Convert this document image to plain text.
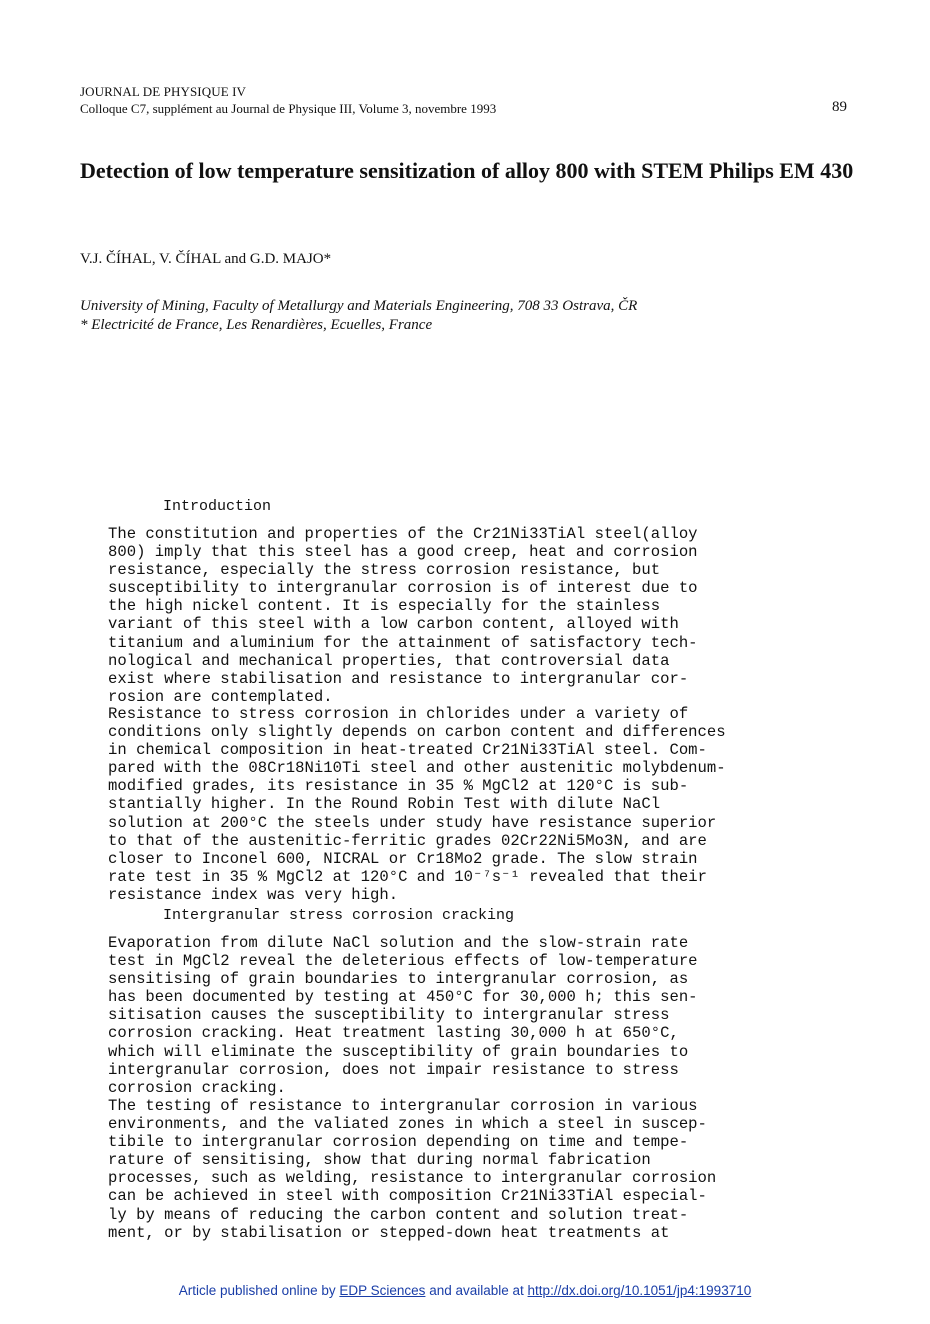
JOURNAL DE PHYSIQUE IV
Colloque C7, supplément au Journal de Physique III, Volume 3, novembre 1993	89
Detection of low temperature sensitization of alloy 800 with STEM Philips EM 430
V.J. ČÍHAL, V. ČÍHAL and G.D. MAJO*
University of Mining, Faculty of Metallurgy and Materials Engineering, 708 33 Ostrava, ČR
* Electricité de France, Les Renardières, Ecuelles, France
Introduction

The constitution and properties of the Cr21Ni33TiAl steel(alloy
800) imply that this steel has a good creep, heat and corrosion
resistance, especially the stress corrosion resistance, but
susceptibility to intergranular corrosion is of interest due to
the high nickel content. It is especially for the stainless
variant of this steel with a low carbon content, alloyed with
titanium and aluminium for the attainment of satisfactory tech-
nological and mechanical properties, that controversial data
exist where stabilisation and resistance to intergranular cor-
rosion are contemplated.

Resistance to stress corrosion in chlorides under a variety of
conditions only slightly depends on carbon content and differences
in chemical composition in heat-treated Cr21Ni33TiAl steel. Com-
pared with the 08Cr18Ni10Ti steel and other austenitic molybdenum-
modified grades, its resistance in 35 % MgCl2 at 120°C is sub-
stantially higher. In the Round Robin Test with dilute NaCl
solution at 200°C the steels under study have resistance superior
to that of the austenitic-ferritic grades 02Cr22Ni5Mo3N, and are
closer to Inconel 600, NICRAL or Cr18Mo2 grade. The slow strain
rate test in 35 % MgCl2 at 120°C and 10⁻⁷s⁻¹ revealed that their
resistance index was very high.

Intergranular stress corrosion cracking

Evaporation from dilute NaCl solution and the slow-strain rate
test in MgCl2 reveal the deleterious effects of low-temperature
sensitising of grain boundaries to intergranular corrosion, as
has been documented by testing at 450°C for 30,000 h; this sen-
sitisation causes the susceptibility to intergranular stress
corrosion cracking. Heat treatment lasting 30,000 h at 650°C,
which will eliminate the susceptibility of grain boundaries to
intergranular corrosion, does not impair resistance to stress
corrosion cracking.

The testing of resistance to intergranular corrosion in various
environments, and the valiated zones in which a steel in suscep-
tibile to intergranular corrosion depending on time and tempe-
rature of sensitising, show that during normal fabrication
processes, such as welding, resistance to intergranular corrosion
can be achieved in steel with composition Cr21Ni33TiAl especial-
ly by means of reducing the carbon content and solution treat-
ment, or by stabilisation or stepped-down heat treatments at

Article published online by EDP Sciences and available at http://dx.doi.org/10.1051/jp4:1993710
